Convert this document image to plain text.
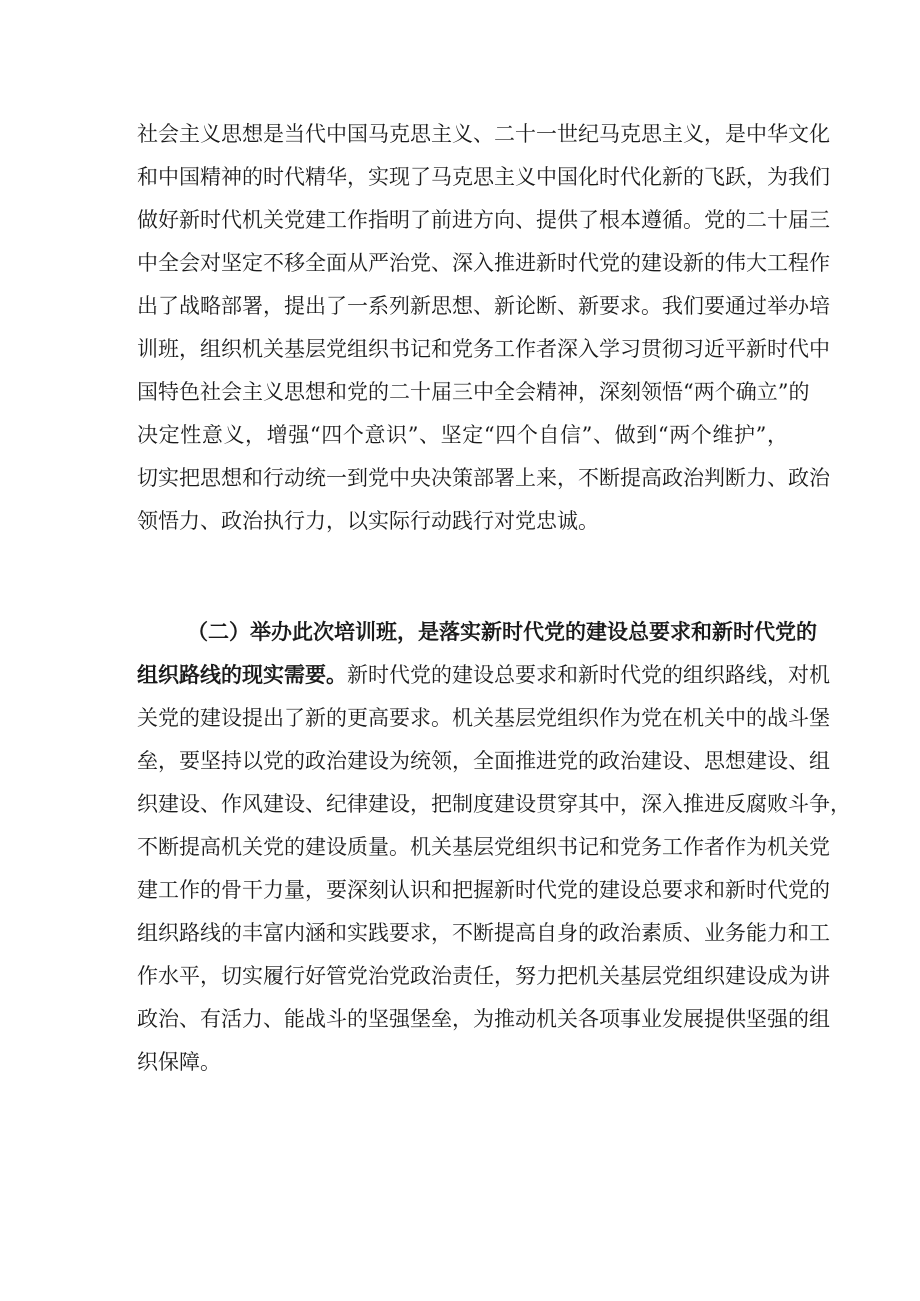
社会主义思想是当代中国马克思主义、二十一世纪马克思主义，是中华文化
和中国精神的时代精华，实现了马克思主义中国化时代化新的飞跃，为我们
做好新时代机关党建工作指明了前进方向、提供了根本遵循。党的二十届三
中全会对坚定不移全面从严治党、深入推进新时代党的建设新的伟大工程作
出了战略部署，提出了一系列新思想、新论断、新要求。我们要通过举办培
训班，组织机关基层党组织书记和党务工作者深入学习贯彻习近平新时代中
国特色社会主义思想和党的二十届三中全会精神，深刻领悟“两个确立”的
决定性意义，增强“四个意识”、坚定“四个自信”、做到“两个维护”，
切实把思想和行动统一到党中央决策部署上来，不断提高政治判断力、政治
领悟力、政治执行力，以实际行动践行对党忠诚。
（二）举办此次培训班，是落实新时代党的建设总要求和新时代党的
组织路线的现实需要。新时代党的建设总要求和新时代党的组织路线，对机
关党的建设提出了新的更高要求。机关基层党组织作为党在机关中的战斗堡
垒，要坚持以党的政治建设为统领，全面推进党的政治建设、思想建设、组
织建设、作风建设、纪律建设，把制度建设贯穿其中，深入推进反腐败斗争，
不断提高机关党的建设质量。机关基层党组织书记和党务工作者作为机关党
建工作的骨干力量，要深刻认识和把握新时代党的建设总要求和新时代党的
组织路线的丰富内涵和实践要求，不断提高自身的政治素质、业务能力和工
作水平，切实履行好管党治党政治责任，努力把机关基层党组织建设成为讲
政治、有活力、能战斗的坚强堡垒，为推动机关各项事业发展提供坚强的组
织保障。
